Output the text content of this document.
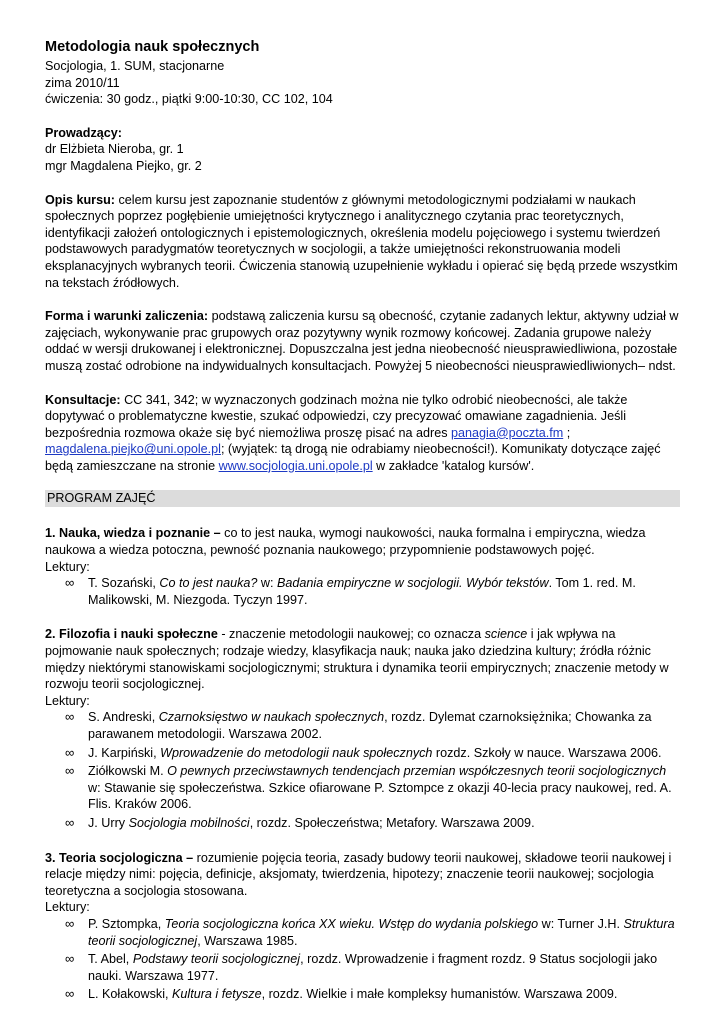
Metodologia nauk społecznych
Socjologia, 1. SUM, stacjonarne
zima 2010/11
ćwiczenia: 30 godz., piątki 9:00-10:30, CC 102, 104
Prowadzący:
dr Elżbieta Nieroba, gr. 1
mgr Magdalena Piejko, gr. 2

Opis kursu: celem kursu jest zapoznanie studentów z głównymi metodologicznymi podziałami w naukach społecznych poprzez pogłębienie umiejętności krytycznego i analitycznego czytania prac teoretycznych, identyfikacji założeń ontologicznych i epistemologicznych, określenia modelu pojęciowego i systemu twierdzeń podstawowych paradygmatów teoretycznych w socjologii, a także umiejętności rekonstruowania modeli eksplanacyjnych wybranych teorii. Ćwiczenia stanowią uzupełnienie wykładu i opierać się będą przede wszystkim na tekstach źródłowych.

Forma i warunki zaliczenia: podstawą zaliczenia kursu są obecność, czytanie zadanych lektur, aktywny udział w zajęciach, wykonywanie prac grupowych oraz pozytywny wynik rozmowy końcowej. Zadania grupowe należy oddać w wersji drukowanej i elektronicznej. Dopuszczalna jest jedna nieobecność nieusprawiedliwiona, pozostałe muszą zostać odrobione na indywidualnych konsultacjach. Powyżej 5 nieobecności nieusprawiedliwionych– ndst.

Konsultacje: CC 341, 342; w wyznaczonych godzinach można nie tylko odrobić nieobecności, ale także dopytywać o problematyczne kwestie, szukać odpowiedzi, czy precyzować omawiane zagadnienia. Jeśli bezpośrednia rozmowa okaże się być niemożliwa proszę pisać na adres panagia@poczta.fm ; magdalena.piejko@uni.opole.pl; (wyjątek: tą drogą nie odrabiamy nieobecności!). Komunikaty dotyczące zajęć będą zamieszczane na stronie www.socjologia.uni.opole.pl w zakładce 'katalog kursów'.

PROGRAM ZAJĘĆ

1. Nauka, wiedza i poznanie – co to jest nauka, wymogi naukowości, nauka formalna i empiryczna, wiedza naukowa a wiedza potoczna, pewność poznania naukowego; przypomnienie podstawowych pojęć.

Lektury:
∞ T. Sozański, Co to jest nauka? w: Badania empiryczne w socjologii. Wybór tekstów. Tom 1. red. M. Malikowski, M. Niezgoda. Tyczyn 1997.

2. Filozofia i nauki społeczne - znaczenie metodologii naukowej; co oznacza science i jak wpływa na pojmowanie nauk społecznych; rodzaje wiedzy, klasyfikacja nauk; nauka jako dziedzina kultury; źródła różnic między niektórymi stanowiskami socjologicznymi; struktura i dynamika teorii empirycznych; znaczenie metody w rozwoju teorii socjologicznej.

Lektury:
∞ S. Andreski, Czarnoksięstwo w naukach społecznych, rozdz. Dylemat czarnoksiężnika; Chowanka za parawanem metodologii. Warszawa 2002.
∞ J. Karpiński, Wprowadzenie do metodologii nauk społecznych rozdz. Szkoły w nauce. Warszawa 2006.
∞ Ziółkowski M. O pewnych przeciwstawnych tendencjach przemian współczesnych teorii socjologicznych w: Stawanie się społeczeństwa. Szkice ofiarowane P. Sztompce z okazji 40-lecia pracy naukowej, red. A. Flis. Kraków 2006.
∞ J. Urry Socjologia mobilności, rozdz. Społeczeństwa; Metafory. Warszawa 2009.

3. Teoria socjologiczna – rozumienie pojęcia teoria, zasady budowy teorii naukowej, składowe teorii naukowej i relacje między nimi: pojęcia, definicje, aksjomaty, twierdzenia, hipotezy; znaczenie teorii naukowej; socjologia teoretyczna a socjologia stosowana.

Lektury:
∞ P. Sztompka, Teoria socjologiczna końca XX wieku. Wstęp do wydania polskiego w: Turner J.H. Struktura teorii socjologicznej, Warszawa 1985.
∞ T. Abel, Podstawy teorii socjologicznej, rozdz. Wprowadzenie i fragment rozdz. 9 Status socjologii jako nauki. Warszawa 1977.
∞ L. Kołakowski, Kultura i fetysze, rozdz. Wielkie i małe kompleksy humanistów. Warszawa 2009.
